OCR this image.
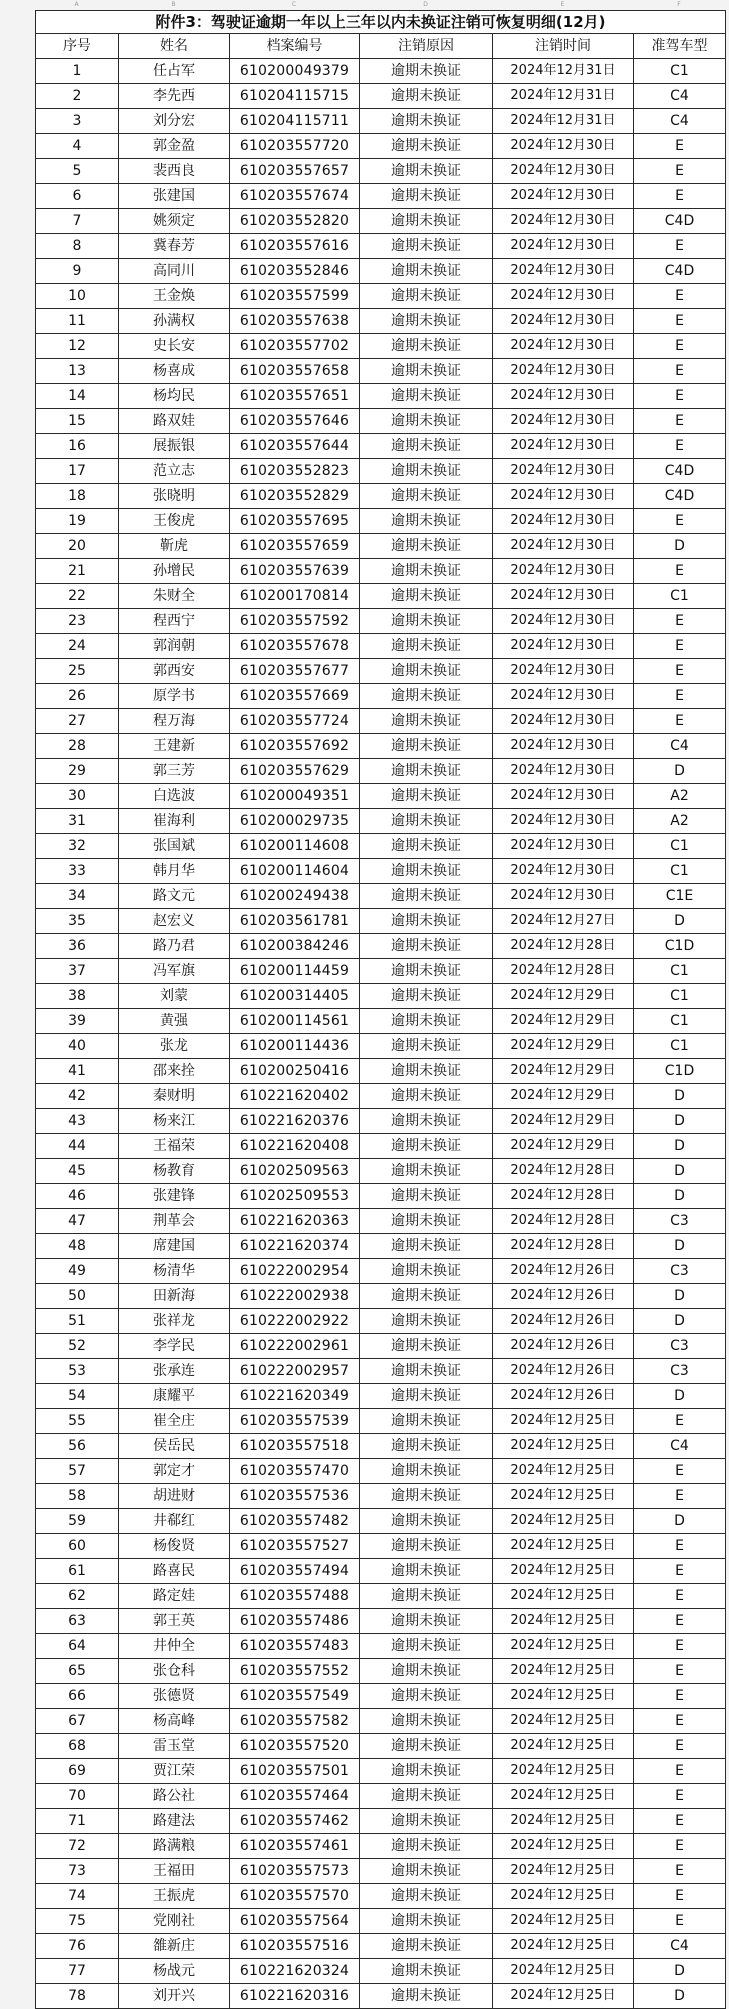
A	B	C	D	E	F
附件3：驾驶证逾期一年以上三年以内未换证注销可恢复明细(12月)					
序号	姓名	档案编号	注销原因	注销时间	准驾车型
1	任占军	610200049379	逾期未换证	2024年12月31日	C1
2	李先西	610204115715	逾期未换证	2024年12月31日	C4
3	刘分宏	610204115711	逾期未换证	2024年12月31日	C4
4	郭金盈	610203557720	逾期未换证	2024年12月30日	E
5	裴西良	610203557657	逾期未换证	2024年12月30日	E
6	张建国	610203557674	逾期未换证	2024年12月30日	E
7	姚须定	610203552820	逾期未换证	2024年12月30日	C4D
8	冀春芳	610203557616	逾期未换证	2024年12月30日	E
9	高同川	610203552846	逾期未换证	2024年12月30日	C4D
10	王金焕	610203557599	逾期未换证	2024年12月30日	E
11	孙满权	610203557638	逾期未换证	2024年12月30日	E
12	史长安	610203557702	逾期未换证	2024年12月30日	E
13	杨喜成	610203557658	逾期未换证	2024年12月30日	E
14	杨均民	610203557651	逾期未换证	2024年12月30日	E
15	路双娃	610203557646	逾期未换证	2024年12月30日	E
16	展振银	610203557644	逾期未换证	2024年12月30日	E
17	范立志	610203552823	逾期未换证	2024年12月30日	C4D
18	张晓明	610203552829	逾期未换证	2024年12月30日	C4D
19	王俊虎	610203557695	逾期未换证	2024年12月30日	E
20	靳虎	610203557659	逾期未换证	2024年12月30日	D
21	孙增民	610203557639	逾期未换证	2024年12月30日	E
22	朱财全	610200170814	逾期未换证	2024年12月30日	C1
23	程西宁	610203557592	逾期未换证	2024年12月30日	E
24	郭润朝	610203557678	逾期未换证	2024年12月30日	E
25	郭西安	610203557677	逾期未换证	2024年12月30日	E
26	原学书	610203557669	逾期未换证	2024年12月30日	E
27	程万海	610203557724	逾期未换证	2024年12月30日	E
28	王建新	610203557692	逾期未换证	2024年12月30日	C4
29	郭三芳	610203557629	逾期未换证	2024年12月30日	D
30	白选波	610200049351	逾期未换证	2024年12月30日	A2
31	崔海利	610200029735	逾期未换证	2024年12月30日	A2
32	张国斌	610200114608	逾期未换证	2024年12月30日	C1
33	韩月华	610200114604	逾期未换证	2024年12月30日	C1
34	路文元	610200249438	逾期未换证	2024年12月30日	C1E
35	赵宏义	610203561781	逾期未换证	2024年12月27日	D
36	路乃君	610200384246	逾期未换证	2024年12月28日	C1D
37	冯军旗	610200114459	逾期未换证	2024年12月28日	C1
38	刘蒙	610200314405	逾期未换证	2024年12月29日	C1
39	黄强	610200114561	逾期未换证	2024年12月29日	C1
40	张龙	610200114436	逾期未换证	2024年12月29日	C1
41	邵来拴	610200250416	逾期未换证	2024年12月29日	C1D
42	秦财明	610221620402	逾期未换证	2024年12月29日	D
43	杨来江	610221620376	逾期未换证	2024年12月29日	D
44	王福荣	610221620408	逾期未换证	2024年12月29日	D
45	杨教育	610202509563	逾期未换证	2024年12月28日	D
46	张建锋	610202509553	逾期未换证	2024年12月28日	D
47	荆革会	610221620363	逾期未换证	2024年12月28日	C3
48	席建国	610221620374	逾期未换证	2024年12月28日	D
49	杨清华	610222002954	逾期未换证	2024年12月26日	C3
50	田新海	610222002938	逾期未换证	2024年12月26日	D
51	张祥龙	610222002922	逾期未换证	2024年12月26日	D
52	李学民	610222002961	逾期未换证	2024年12月26日	C3
53	张承连	610222002957	逾期未换证	2024年12月26日	C3
54	康耀平	610221620349	逾期未换证	2024年12月26日	D
55	崔全庄	610203557539	逾期未换证	2024年12月25日	E
56	侯岳民	610203557518	逾期未换证	2024年12月25日	C4
57	郭定才	610203557470	逾期未换证	2024年12月25日	E
58	胡进财	610203557536	逾期未换证	2024年12月25日	E
59	井郗红	610203557482	逾期未换证	2024年12月25日	D
60	杨俊贤	610203557527	逾期未换证	2024年12月25日	E
61	路喜民	610203557494	逾期未换证	2024年12月25日	E
62	路定娃	610203557488	逾期未换证	2024年12月25日	E
63	郭王英	610203557486	逾期未换证	2024年12月25日	E
64	井仲全	610203557483	逾期未换证	2024年12月25日	E
65	张仓科	610203557552	逾期未换证	2024年12月25日	E
66	张德贤	610203557549	逾期未换证	2024年12月25日	E
67	杨高峰	610203557582	逾期未换证	2024年12月25日	E
68	雷玉堂	610203557520	逾期未换证	2024年12月25日	E
69	贾江荣	610203557501	逾期未换证	2024年12月25日	E
70	路公社	610203557464	逾期未换证	2024年12月25日	E
71	路建法	610203557462	逾期未换证	2024年12月25日	E
72	路满粮	610203557461	逾期未换证	2024年12月25日	E
73	王福田	610203557573	逾期未换证	2024年12月25日	E
74	王振虎	610203557570	逾期未换证	2024年12月25日	E
75	党刚社	610203557564	逾期未换证	2024年12月25日	E
76	雒新庄	610203557516	逾期未换证	2024年12月25日	C4
77	杨战元	610221620324	逾期未换证	2024年12月25日	D
78	刘开兴	610221620316	逾期未换证	2024年12月25日	D
